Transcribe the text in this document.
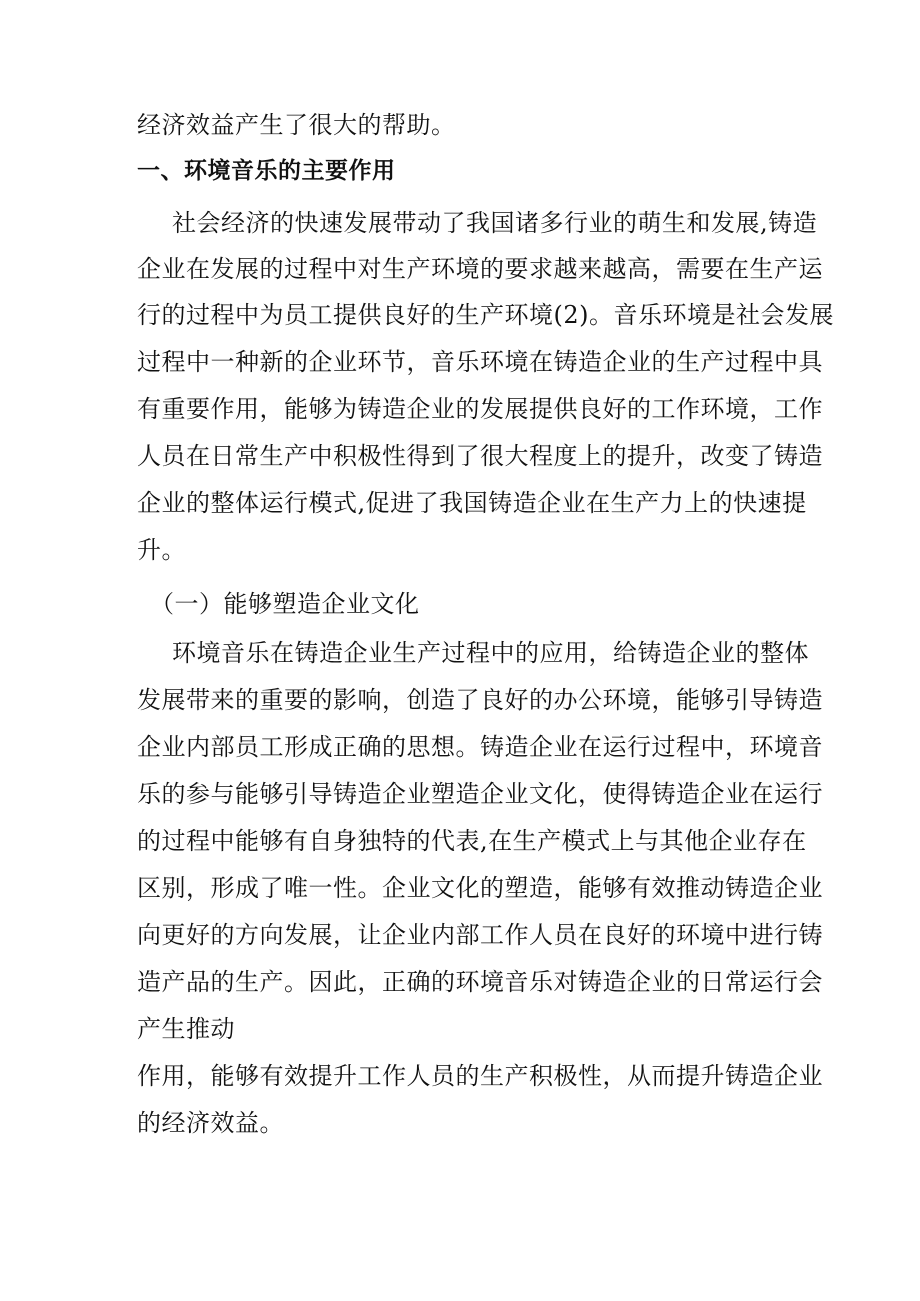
经济效益产生了很大的帮助。
一、环境音乐的主要作用
社会经济的快速发展带动了我国诸多行业的萌生和发展,铸造
企业在发展的过程中对生产环境的要求越来越高，需要在生产运
行的过程中为员工提供良好的生产环境(2)。音乐环境是社会发展
过程中一种新的企业环节，音乐环境在铸造企业的生产过程中具
有重要作用，能够为铸造企业的发展提供良好的工作环境，工作
人员在日常生产中积极性得到了很大程度上的提升，改变了铸造
企业的整体运行模式,促进了我国铸造企业在生产力上的快速提
升。
（一）能够塑造企业文化
环境音乐在铸造企业生产过程中的应用，给铸造企业的整体
发展带来的重要的影响，创造了良好的办公环境，能够引导铸造
企业内部员工形成正确的思想。铸造企业在运行过程中，环境音
乐的参与能够引导铸造企业塑造企业文化，使得铸造企业在运行
的过程中能够有自身独特的代表,在生产模式上与其他企业存在
区别，形成了唯一性。企业文化的塑造，能够有效推动铸造企业
向更好的方向发展，让企业内部工作人员在良好的环境中进行铸
造产品的生产。因此，正确的环境音乐对铸造企业的日常运行会
产生推动
作用，能够有效提升工作人员的生产积极性，从而提升铸造企业
的经济效益。
